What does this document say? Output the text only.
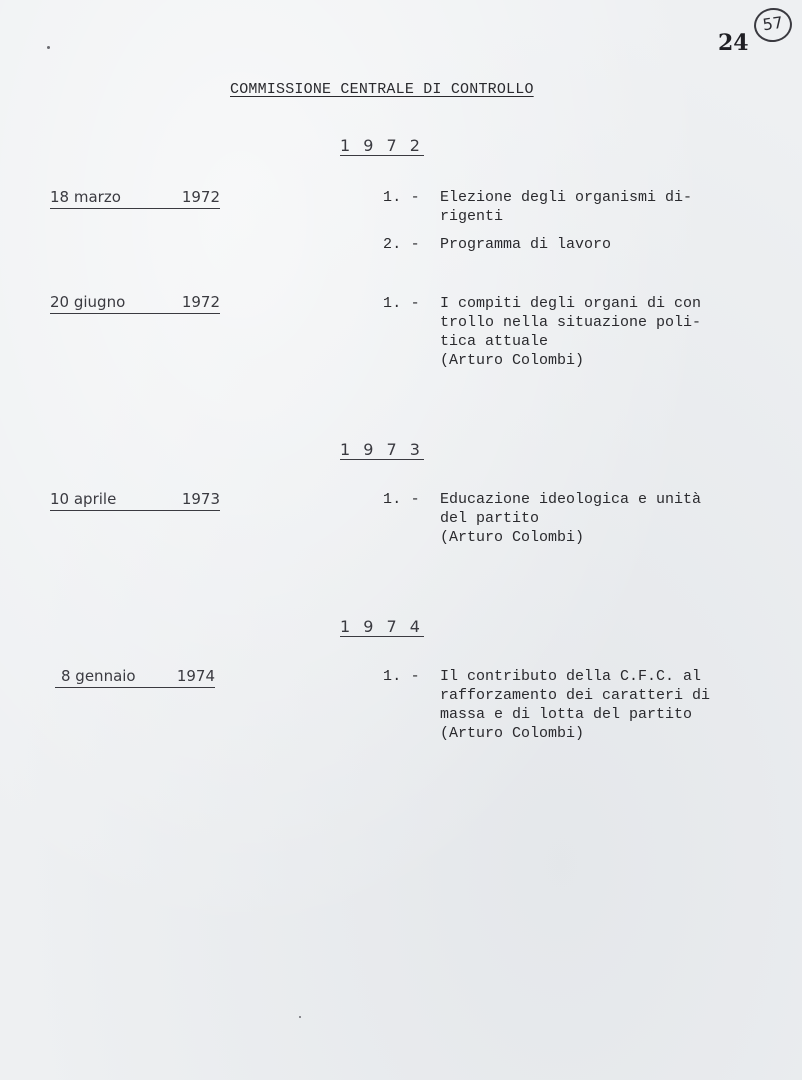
24
57
COMMISSIONE CENTRALE DI CONTROLLO
1 9 7 2
18 marzo	1972	1. - Elezione degli organismi di-
rigenti
2. - Programma di lavoro
20 giugno	1972	1. - I compiti degli organi di con
trollo nella situazione poli-
tica attuale
(Arturo Colombi)
1 9 7 3
10 aprile	1973	1. - Educazione ideologica e unità
del partito
(Arturo Colombi)
1 9 7 4
8 gennaio	1974	1. - Il contributo della C.F.C. al
rafforzamento dei caratteri di
massa e di lotta del partito
(Arturo Colombi)
